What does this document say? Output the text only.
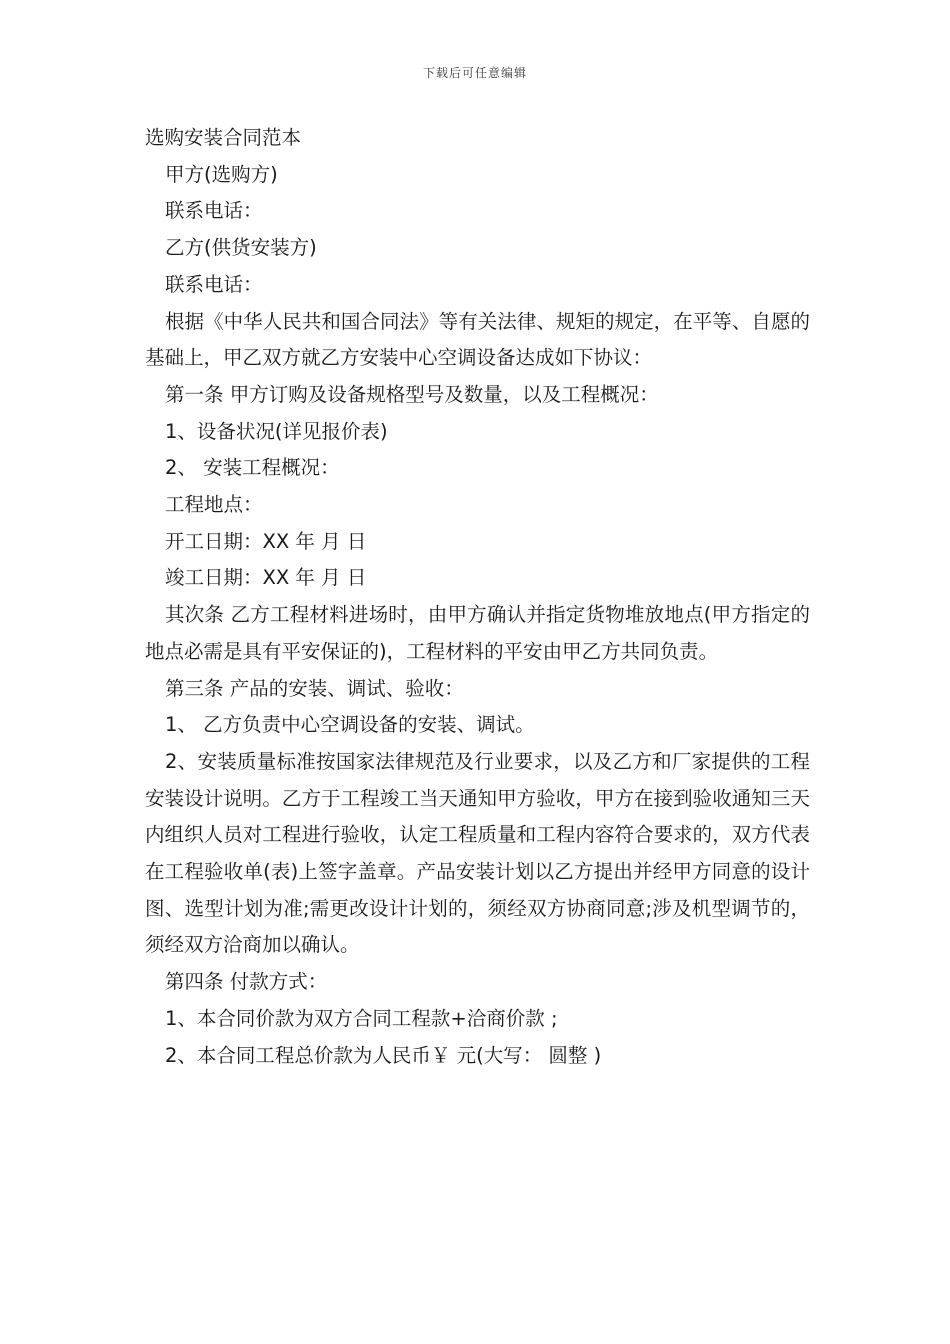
下载后可任意编辑
选购安装合同范本

甲方(选购方)

联系电话：

乙方(供货安装方)

联系电话：

根据《中华人民共和国合同法》等有关法律、规矩的规定，在平等、自愿的基础上，甲乙双方就乙方安装中心空调设备达成如下协议：

第一条 甲方订购及设备规格型号及数量，以及工程概况：

1、设备状况(详见报价表)

2、 安装工程概况：

工程地点：

开工日期：XX 年 月 日

竣工日期：XX 年 月 日

其次条 乙方工程材料进场时，由甲方确认并指定货物堆放地点(甲方指定的地点必需是具有平安保证的)，工程材料的平安由甲乙方共同负责。

第三条 产品的安装、调试、验收：

1、 乙方负责中心空调设备的安装、调试。

2、安装质量标准按国家法律规范及行业要求，以及乙方和厂家提供的工程安装设计说明。乙方于工程竣工当天通知甲方验收，甲方在接到验收通知三天内组织人员对工程进行验收，认定工程质量和工程内容符合要求的，双方代表在工程验收单(表)上签字盖章。产品安装计划以乙方提出并经甲方同意的设计图、选型计划为准;需更改设计计划的，须经双方协商同意;涉及机型调节的，须经双方洽商加以确认。

第四条 付款方式：

1、本合同价款为双方合同工程款+洽商价款 ;

2、本合同工程总价款为人民币￥ 元(大写： 圆整 )
